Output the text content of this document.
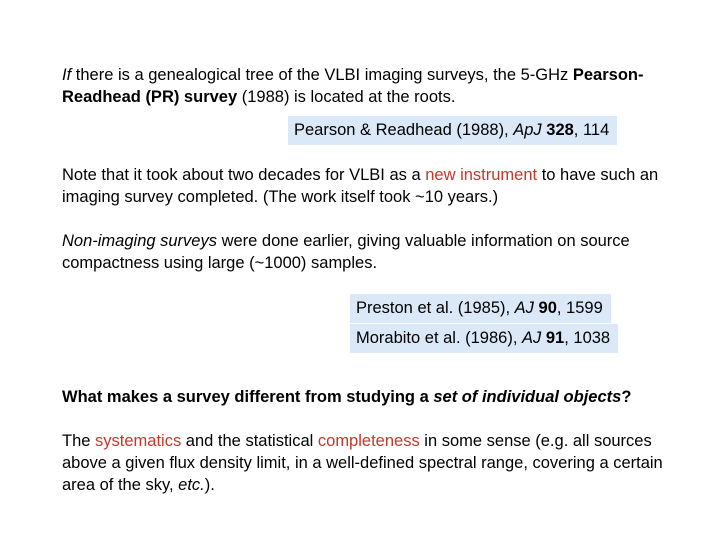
If there is a genealogical tree of the VLBI imaging surveys, the 5-GHz Pearson-Readhead (PR) survey (1988) is located at the roots.
Pearson & Readhead (1988), ApJ 328, 114
Note that it took about two decades for VLBI as a new instrument to have such an imaging survey completed. (The work itself took ~10 years.)
Non-imaging surveys were done earlier, giving valuable information on source compactness using large (~1000) samples.
Preston et al. (1985), AJ 90, 1599
Morabito et al. (1986), AJ 91, 1038
What makes a survey different from studying a set of individual objects?
The systematics and the statistical completeness in some sense (e.g. all sources above a given flux density limit, in a well-defined spectral range, covering a certain area of the sky, etc.).
